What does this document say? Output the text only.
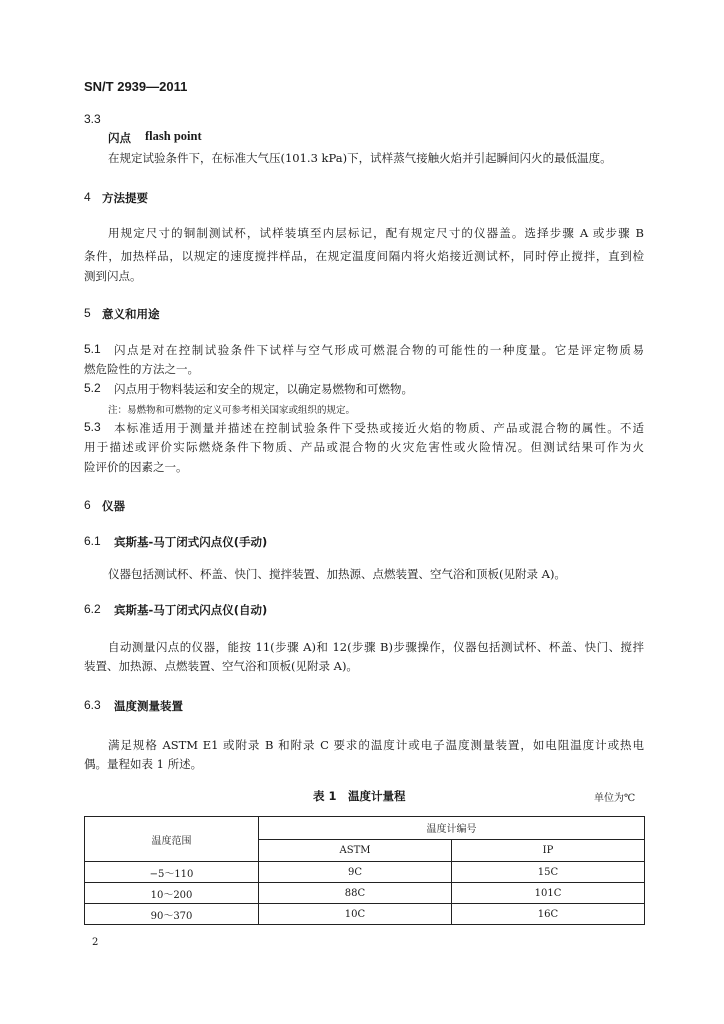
SN/T 2939—2011
3.3
闪点 flash point
在规定试验条件下，在标准大气压(101.3 kPa)下，试样蒸气接触火焰并引起瞬间闪火的最低温度。
4 方法提要
用规定尺寸的铜制测试杯，试样装填至内层标记，配有规定尺寸的仪器盖。选择步骤 A 或步骤 B
条件，加热样品，以规定的速度搅拌样品，在规定温度间隔内将火焰接近测试杯，同时停止搅拌，直到检
测到闪点。
5 意义和用途
5.1 闪点是对在控制试验条件下试样与空气形成可燃混合物的可能性的一种度量。它是评定物质易
燃危险性的方法之一。
5.2 闪点用于物料装运和安全的规定，以确定易燃物和可燃物。
注：易燃物和可燃物的定义可参考相关国家或组织的规定。
5.3 本标准适用于测量并描述在控制试验条件下受热或接近火焰的物质、产品或混合物的属性。不适
用于描述或评价实际燃烧条件下物质、产品或混合物的火灾危害性或火险情况。但测试结果可作为火
险评价的因素之一。
6 仪器
6.1 宾斯基-马丁闭式闪点仪(手动)
仪器包括测试杯、杯盖、快门、搅拌装置、加热源、点燃装置、空气浴和顶板(见附录 A)。
6.2 宾斯基-马丁闭式闪点仪(自动)
自动测量闪点的仪器，能按 11(步骤 A)和 12(步骤 B)步骤操作，仪器包括测试杯、杯盖、快门、搅拌
装置、加热源、点燃装置、空气浴和顶板(见附录 A)。
6.3 温度测量装置
满足规格 ASTM E1 或附录 B 和附录 C 要求的温度计或电子温度测量装置，如电阻温度计或热电
偶。量程如表 1 所述。
表 1　温度计量程	单位为℃
温度范围	温度计编号	
	ASTM	IP
−5～110	9C	15C
10～200	88C	101C
90～370	10C	16C
2
